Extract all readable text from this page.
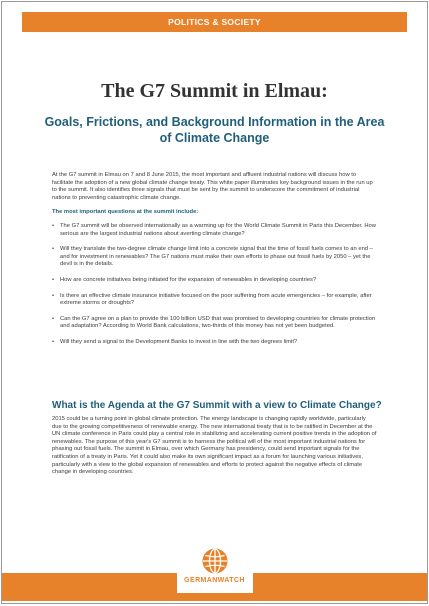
POLITICS & SOCIETY
The G7 Summit in Elmau:
Goals, Frictions, and Background Information in the Area of Climate Change

At the G7 summit in Elmau on 7 and 8 June 2015, the most important and affluent industrial nations will discuss how to facilitate the adoption of a new global climate change treaty. This white paper illuminates key background issues in the run up to the summit. It also identifies three signals that must be sent by the summit to underscore the commitment of industrial nations to preventing catastrophic climate change.

The most important questions at the summit include:

• The G7 summit will be observed internationally as a warming up for the World Climate Summit in Paris this December. How serious are the largest industrial nations about averting climate change?
• Will they translate the two-degree climate change limit into a concrete signal that the time of fossil fuels comes to an end – and for investment in renewables? The G7 nations must make their own efforts to phase out fossil fuels by 2050 – yet the devil is in the details.
• How are concrete initiatives being initiated for the expansion of renewables in developing countries?
• Is there an effective climate insurance initiative focused on the poor suffering from acute emergencies – for example, after extreme storms or droughts?
• Can the G7 agree on a plan to provide the 100 billion USD that was promised to developing countries for climate protection and adaptation? According to World Bank calculations, two-thirds of this money has not yet been budgeted.
• Will they send a signal to the Development Banks to invest in line with the two degrees limit?
What is the Agenda at the G7 Summit with a view to Climate Change?

2015 could be a turning point in global climate protection. The energy landscape is changing rapidly worldwide, particularly due to the growing competitiveness of renewable energy. The new international treaty that is to be ratified in December at the UN climate conference in Paris could play a central role in stabilizing and accelerating current positive trends in the adoption of renewables. The purpose of this year's G7 summit is to harness the political will of the most important industrial nations for phasing out fossil fuels. The summit in Elmau, over which Germany has presidency, could send important signals for the ratification of a treaty in Paris. Yet it could also make its own significant impact as a forum for launching various initiatives, particularly with a view to the global expansion of renewables and efforts to protect against the negative effects of climate change in developing countries.

GERMANWATCH
